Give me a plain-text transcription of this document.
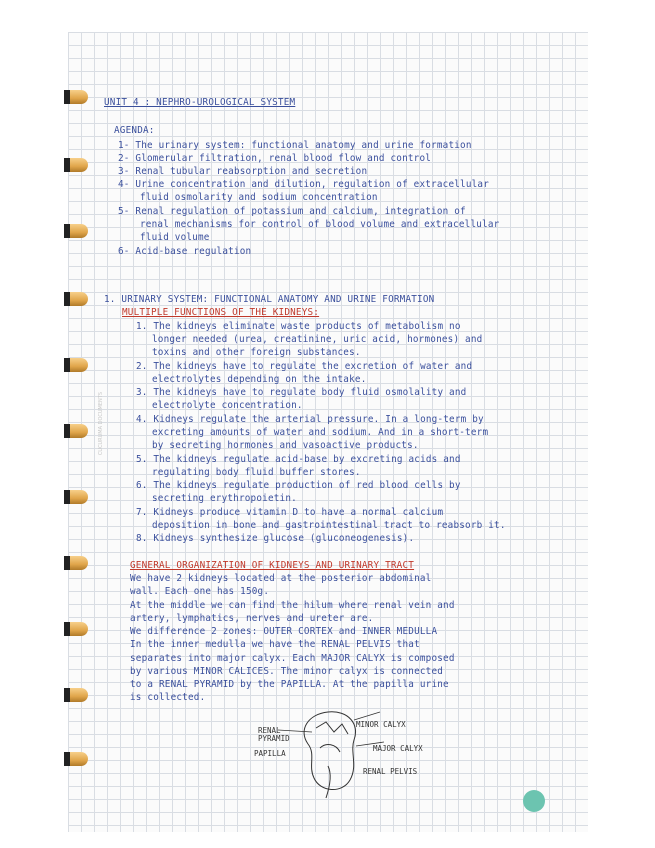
UNIT 4 : NEPHRO-UROLOGICAL SYSTEM

AGENDA:

1- The urinary system: functional anatomy and urine formation

2- Glomerular filtration, renal blood flow and control

3- Renal tubular reabsorption and secretion

4- Urine concentration and dilution, regulation of extracellular

fluid osmolarity and sodium concentration

5- Renal regulation of potassium and calcium, integration of

renal mechanisms for control of blood volume and extracellular

fluid volume

6- Acid-base regulation

1. URINARY SYSTEM: FUNCTIONAL ANATOMY AND URINE FORMATION

MULTIPLE FUNCTIONS OF THE KIDNEYS:

1. The kidneys eliminate waste products of metabolism no

longer needed (urea, creatinine, uric acid, hormones) and

toxins and other foreign substances.

2. The kidneys have to regulate the excretion of water and

electrolytes depending on the intake.

3. The kidneys have to regulate body fluid osmolality and

electrolyte concentration.

4. Kidneys regulate the arterial pressure. In a long-term by

excreting amounts of water and sodium. And in a short-term

by secreting hormones and vasoactive products.

5. The kidneys regulate acid-base by excreting acids and

regulating body fluid buffer stores.

6. The kidneys regulate production of red blood cells by

secreting erythropoietin.

7. Kidneys produce vitamin D to have a normal calcium

deposition in bone and gastrointestinal tract to reabsorb it.

8. Kidneys synthesize glucose (gluconeogenesis).

GENERAL ORGANIZATION OF KIDNEYS AND URINARY TRACT

We have 2 kidneys located at the posterior abdominal

wall. Each one has 150g.

At the middle we can find the hilum where renal vein and

artery, lymphatics, nerves and ureter are.

We difference 2 zones: OUTER CORTEX and INNER MEDULLA

In the inner medulla we have the RENAL PELVIS that

separates into major calyx. Each MAJOR CALYX is composed

by various MINOR CALICES. The minor calyx is connected

to a RENAL PYRAMID by the PAPILLA. At the papilla urine

is collected.

RENAL PYRAMID
PAPILLA
MINOR CALYX
MAJOR CALYX
RENAL PELVIS
CUCURUMA DOCUMENTS
